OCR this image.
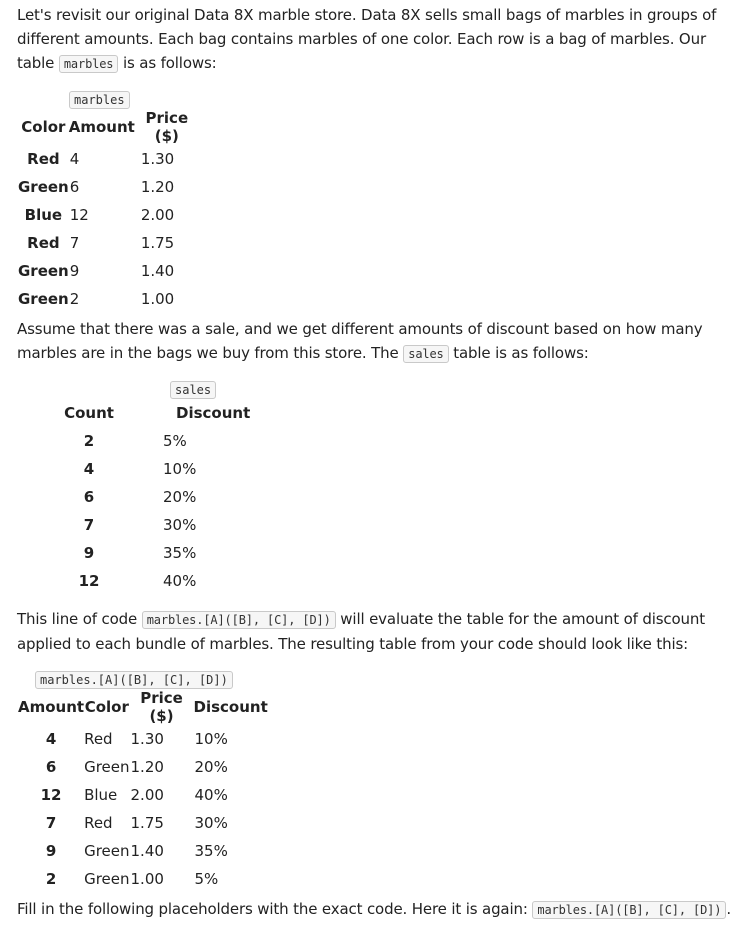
Let's revisit our original Data 8X marble store. Data 8X sells small bags of marbles in groups of different amounts. Each bag contains marbles of one color. Each row is a bag of marbles. Our table marbles is as follows:
marbles
Color	Amount	Price ($)
Red	4	1.30
Green	6	1.20
Blue	12	2.00
Red	7	1.75
Green	9	1.40
Green	2	1.00
Assume that there was a sale, and we get different amounts of discount based on how many marbles are in the bags we buy from this store. The sales table is as follows:
sales
Count	Discount
2	5%
4	10%
6	20%
7	30%
9	35%
12	40%
This line of code marbles.[A]([B], [C], [D]) will evaluate the table for the amount of discount applied to each bundle of marbles. The resulting table from your code should look like this:
marbles.[A]([B], [C], [D])
Amount	Color	Price ($)	Discount
4	Red	1.30	10%
6	Green	1.20	20%
12	Blue	2.00	40%
7	Red	1.75	30%
9	Green	1.40	35%
2	Green	1.00	5%
Fill in the following placeholders with the exact code. Here it is again: marbles.[A]([B], [C], [D]) .
